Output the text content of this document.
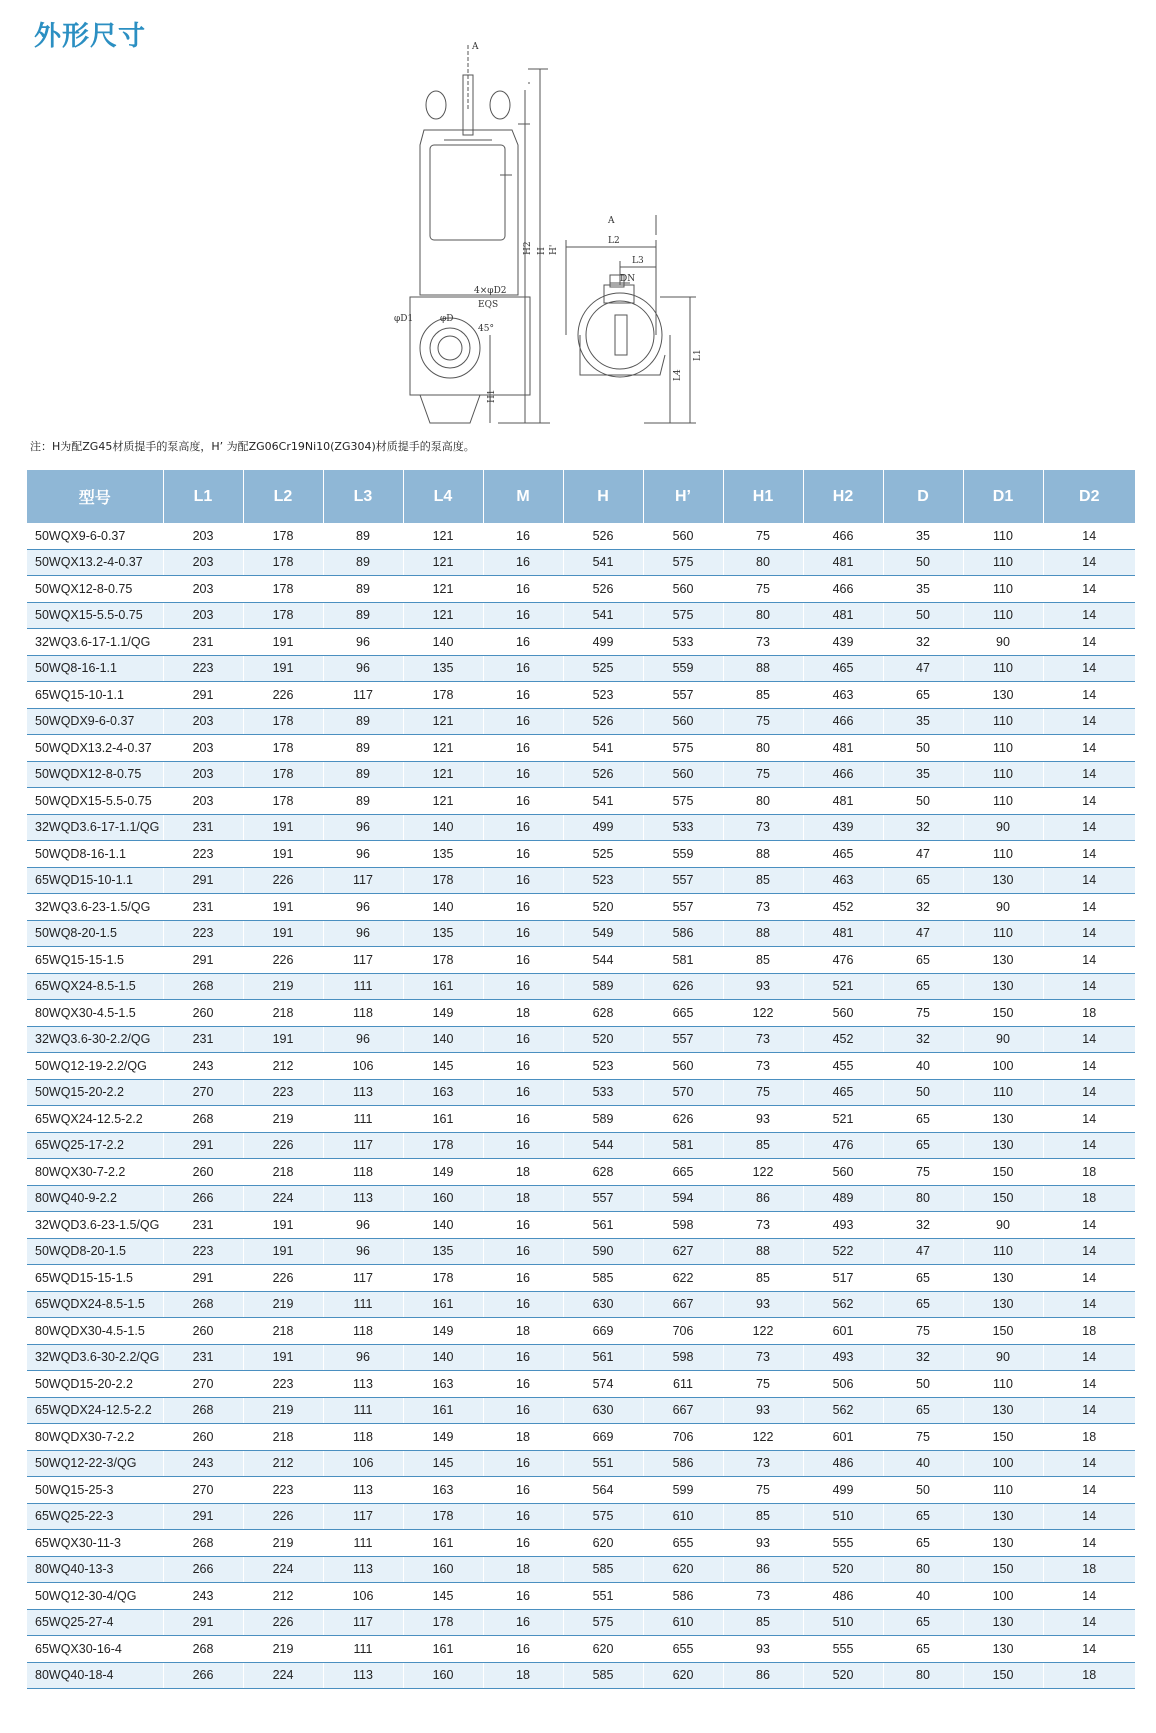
外形尺寸	A
H2 H H'
H1
φD
φD1
4×φD2
EQS
45°
A
L2
L3
DN
L1
L4
注：H为配ZG45材质提手的泵高度，H’ 为配ZG06Cr19Ni10(ZG304)材质提手的泵高度。
型号	L1	L2	L3	L4	M	H	H’	H1	H2	D	D1	D2
50WQX9-6-0.37	203	178	89	121	16	526	560	75	466	35	110	14
50WQX13.2-4-0.37	203	178	89	121	16	541	575	80	481	50	110	14
50WQX12-8-0.75	203	178	89	121	16	526	560	75	466	35	110	14
50WQX15-5.5-0.75	203	178	89	121	16	541	575	80	481	50	110	14
32WQ3.6-17-1.1/QG	231	191	96	140	16	499	533	73	439	32	90	14
50WQ8-16-1.1	223	191	96	135	16	525	559	88	465	47	110	14
65WQ15-10-1.1	291	226	117	178	16	523	557	85	463	65	130	14
50WQDX9-6-0.37	203	178	89	121	16	526	560	75	466	35	110	14
50WQDX13.2-4-0.37	203	178	89	121	16	541	575	80	481	50	110	14
50WQDX12-8-0.75	203	178	89	121	16	526	560	75	466	35	110	14
50WQDX15-5.5-0.75	203	178	89	121	16	541	575	80	481	50	110	14
32WQD3.6-17-1.1/QG	231	191	96	140	16	499	533	73	439	32	90	14
50WQD8-16-1.1	223	191	96	135	16	525	559	88	465	47	110	14
65WQD15-10-1.1	291	226	117	178	16	523	557	85	463	65	130	14
32WQ3.6-23-1.5/QG	231	191	96	140	16	520	557	73	452	32	90	14
50WQ8-20-1.5	223	191	96	135	16	549	586	88	481	47	110	14
65WQ15-15-1.5	291	226	117	178	16	544	581	85	476	65	130	14
65WQX24-8.5-1.5	268	219	111	161	16	589	626	93	521	65	130	14
80WQX30-4.5-1.5	260	218	118	149	18	628	665	122	560	75	150	18
32WQ3.6-30-2.2/QG	231	191	96	140	16	520	557	73	452	32	90	14
50WQ12-19-2.2/QG	243	212	106	145	16	523	560	73	455	40	100	14
50WQ15-20-2.2	270	223	113	163	16	533	570	75	465	50	110	14
65WQX24-12.5-2.2	268	219	111	161	16	589	626	93	521	65	130	14
65WQ25-17-2.2	291	226	117	178	16	544	581	85	476	65	130	14
80WQX30-7-2.2	260	218	118	149	18	628	665	122	560	75	150	18
80WQ40-9-2.2	266	224	113	160	18	557	594	86	489	80	150	18
32WQD3.6-23-1.5/QG	231	191	96	140	16	561	598	73	493	32	90	14
50WQD8-20-1.5	223	191	96	135	16	590	627	88	522	47	110	14
65WQD15-15-1.5	291	226	117	178	16	585	622	85	517	65	130	14
65WQDX24-8.5-1.5	268	219	111	161	16	630	667	93	562	65	130	14
80WQDX30-4.5-1.5	260	218	118	149	18	669	706	122	601	75	150	18
32WQD3.6-30-2.2/QG	231	191	96	140	16	561	598	73	493	32	90	14
50WQD15-20-2.2	270	223	113	163	16	574	611	75	506	50	110	14
65WQDX24-12.5-2.2	268	219	111	161	16	630	667	93	562	65	130	14
80WQDX30-7-2.2	260	218	118	149	18	669	706	122	601	75	150	18
50WQ12-22-3/QG	243	212	106	145	16	551	586	73	486	40	100	14
50WQ15-25-3	270	223	113	163	16	564	599	75	499	50	110	14
65WQ25-22-3	291	226	117	178	16	575	610	85	510	65	130	14
65WQX30-11-3	268	219	111	161	16	620	655	93	555	65	130	14
80WQ40-13-3	266	224	113	160	18	585	620	86	520	80	150	18
50WQ12-30-4/QG	243	212	106	145	16	551	586	73	486	40	100	14
65WQ25-27-4	291	226	117	178	16	575	610	85	510	65	130	14
65WQX30-16-4	268	219	111	161	16	620	655	93	555	65	130	14
80WQ40-18-4	266	224	113	160	18	585	620	86	520	80	150	18
